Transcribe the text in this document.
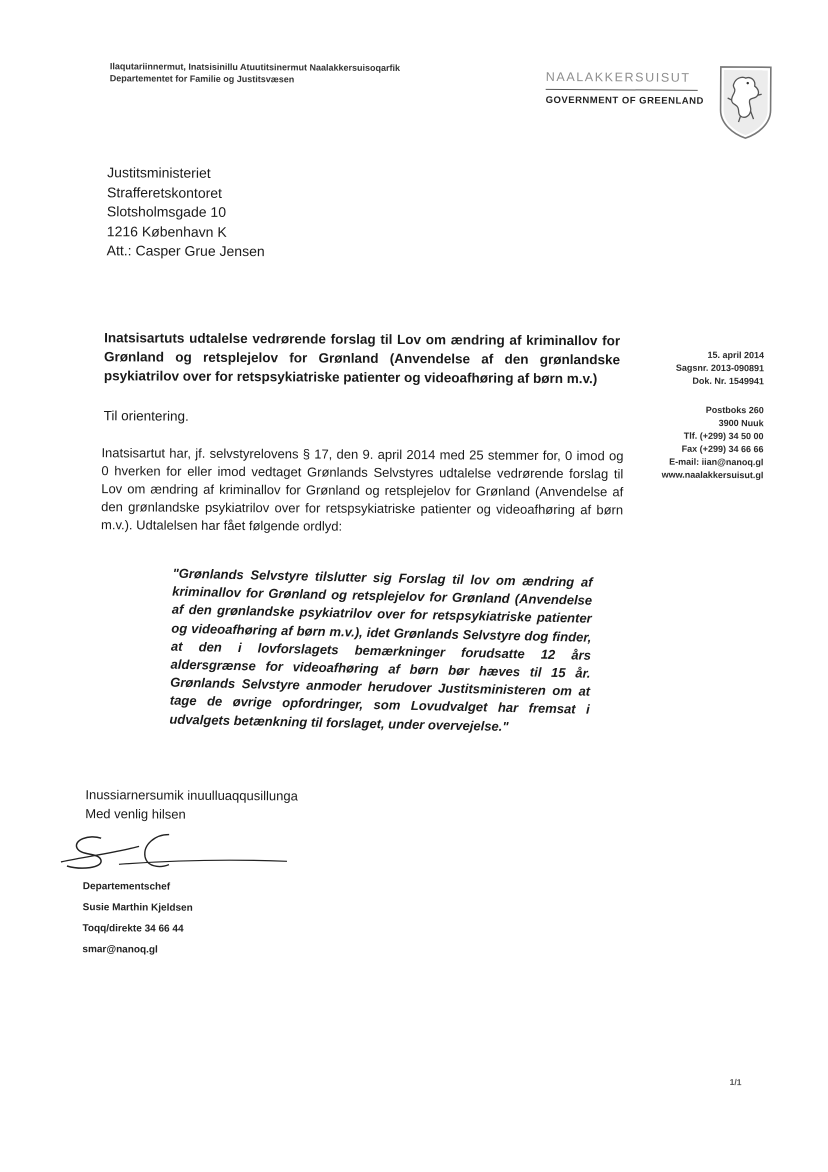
Ilaqutariinnermut, Inatsisinillu Atuutitsinermut Naalakkersuisoqarfik
Departementet for Familie og Justitsvæsen	NAALAKKERSUISUT
GOVERNMENT OF GREENLAND
Justitsministeriet
Strafferetskontoret
Slotsholmsgade 10
1216 København K
Att.: Casper Grue Jensen
Inatsisartuts udtalelse vedrørende forslag til Lov om ændring af kriminallov for Grønland og retsplejelov for Grønland (Anvendelse af den grønlandske psykiatrilov over for retspsykiatriske patienter og videoafhøring af børn m.v.)
15. april 2014
Sagsnr. 2013-090891
Dok. Nr. 1549941
Postboks 260
3900 Nuuk
Tlf. (+299) 34 50 00
Fax (+299) 34 66 66
E-mail: iian@nanoq.gl
www.naalakkersuisut.gl
Til orientering.
Inatsisartut har, jf. selvstyrelovens § 17, den 9. april 2014 med 25 stemmer for, 0 imod og 0 hverken for eller imod vedtaget Grønlands Selvstyres udtalelse vedrørende forslag til Lov om ændring af kriminallov for Grønland og retsplejelov for Grønland (Anvendelse af den grønlandske psykiatrilov over for retspsykiatriske patienter og videoafhøring af børn m.v.). Udtalelsen har fået følgende ordlyd:
"Grønlands Selvstyre tilslutter sig Forslag til lov om ændring af kriminallov for Grønland og retsplejelov for Grønland (Anvendelse af den grønlandske psykiatrilov over for retspsykiatriske patienter og videoafhøring af børn m.v.), idet Grønlands Selvstyre dog finder, at den i lovforslagets bemærkninger forudsatte 12 års aldersgrænse for videoafhøring af børn bør hæves til 15 år. Grønlands Selvstyre anmoder herudover Justitsministeren om at tage de øvrige opfordringer, som Lovudvalget har fremsat i udvalgets betænkning til forslaget, under overvejelse."
Inussiarnersumik inuulluaqqusillunga
Med venlig hilsen
Departementschef
Susie Marthin Kjeldsen
Toqq/direkte 34 66 44
smar@nanoq.gl
1/1
